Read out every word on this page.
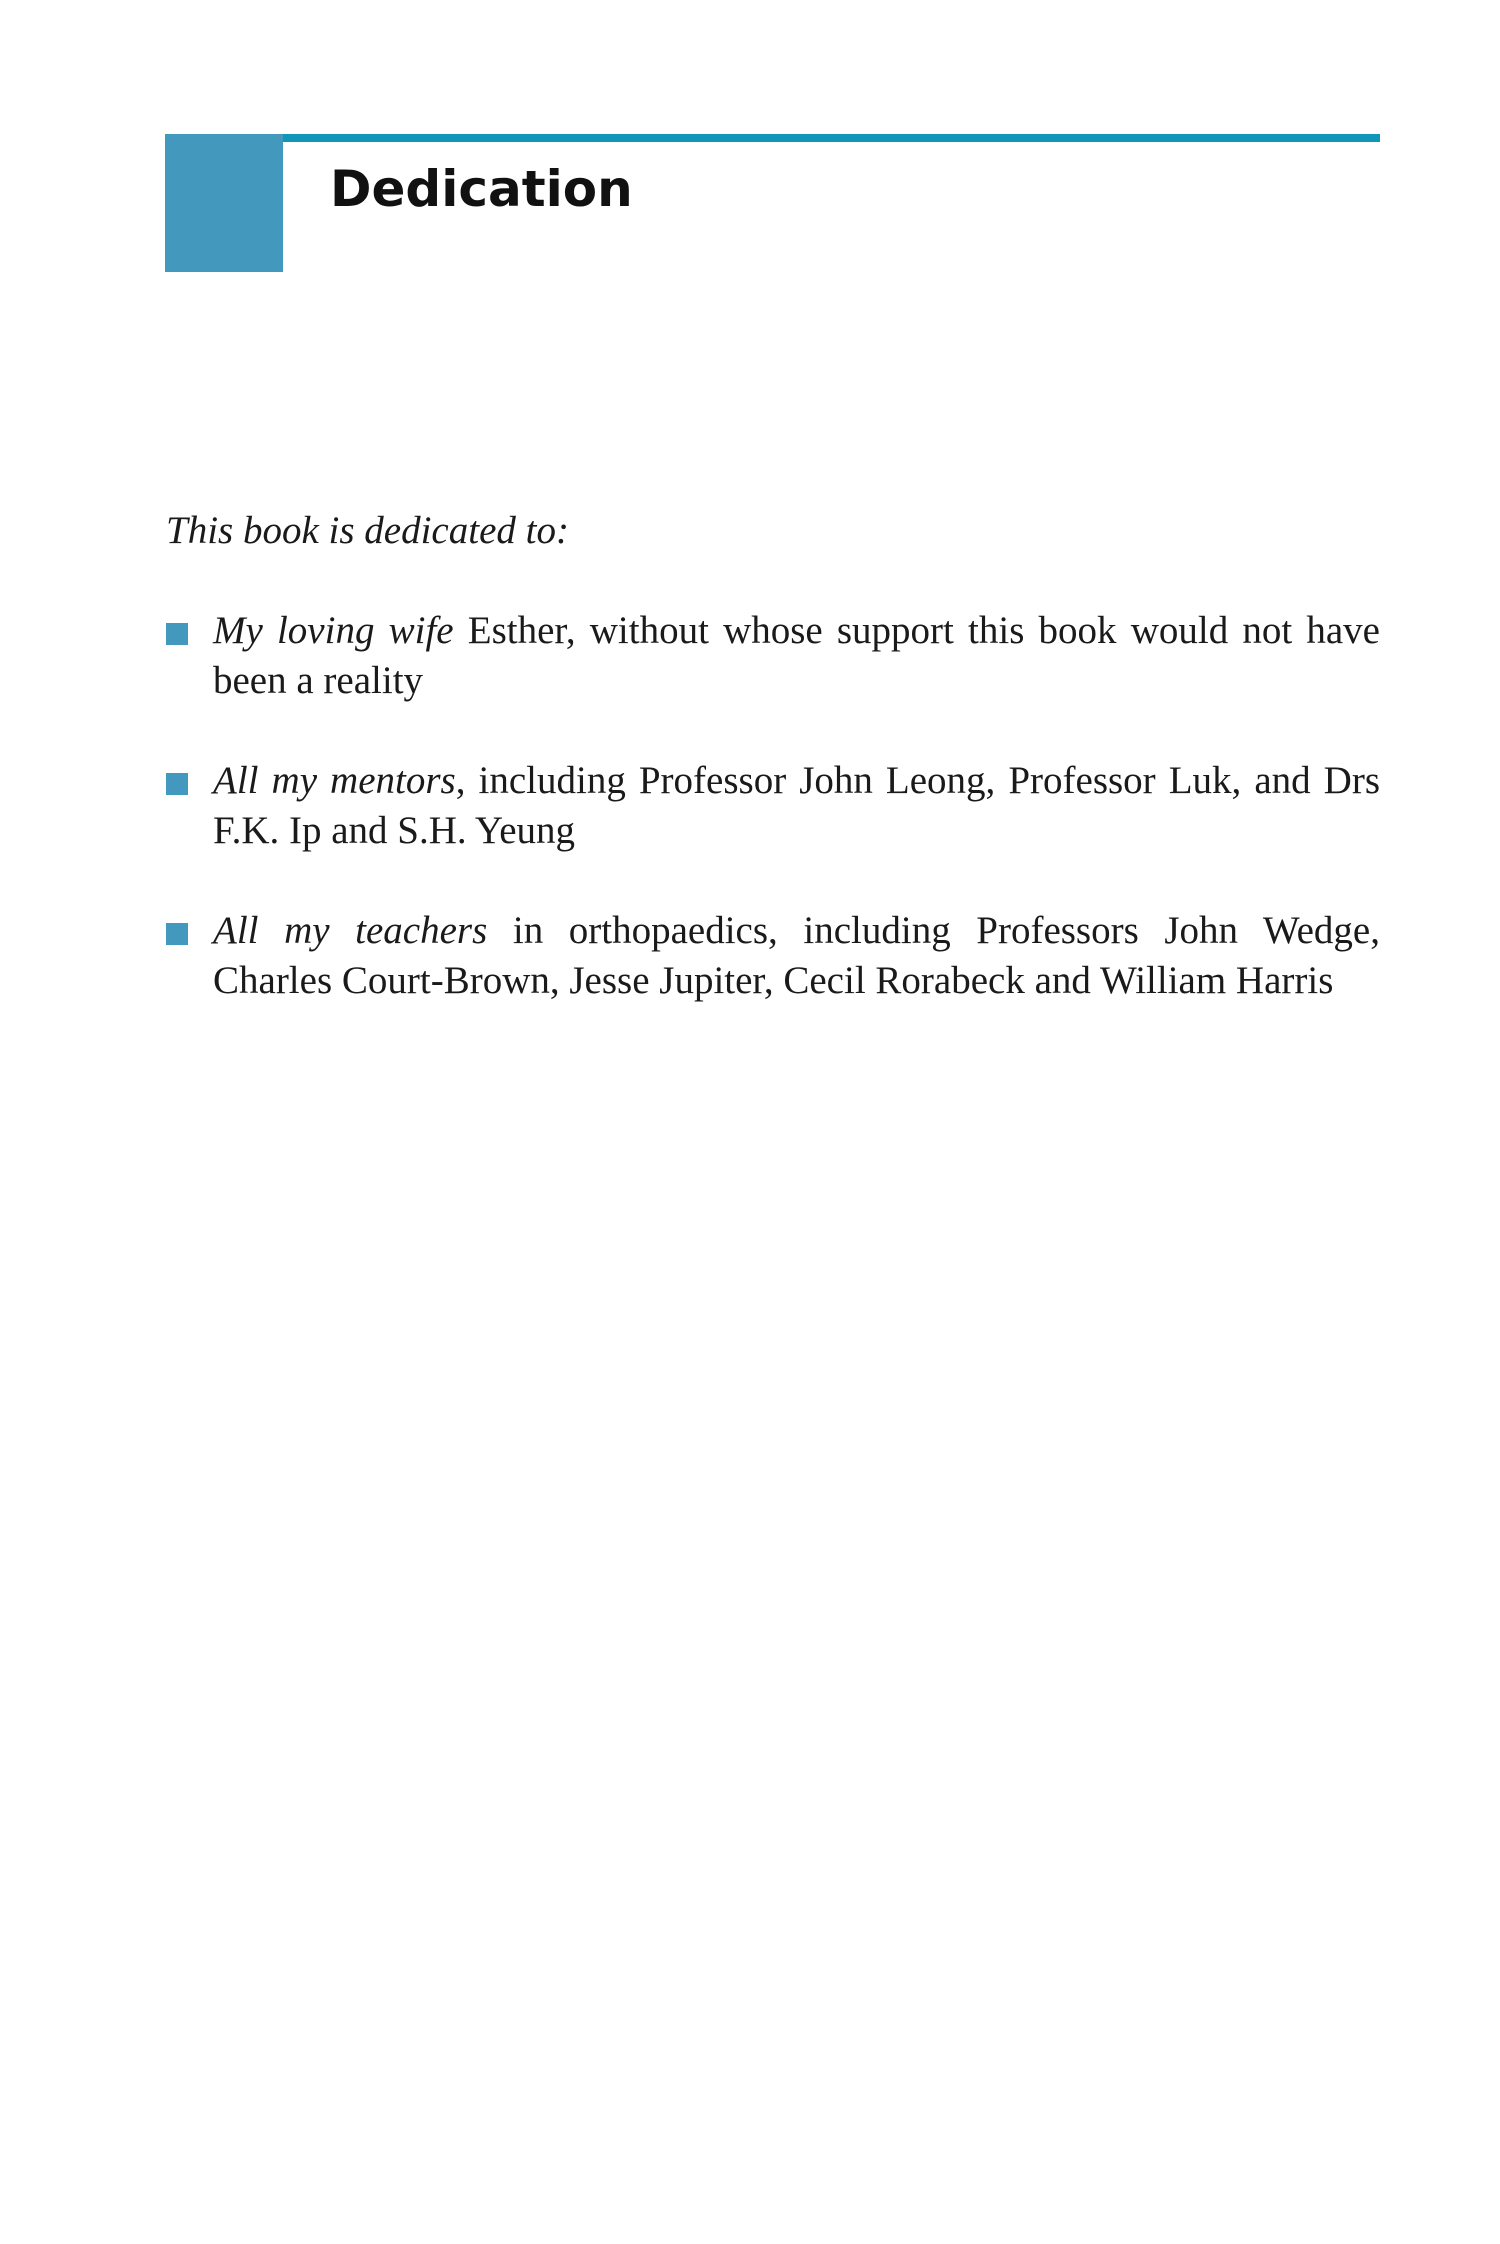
Dedication

This book is dedicated to:

My loving wife Esther, without whose support this book would not have been a reality
All my mentors, including Professor John Leong, Professor Luk, and Drs F.K. Ip and S.H. Yeung
All my teachers in orthopaedics, including Professors John Wedge, Charles Court-Brown, Jesse Jupiter, Cecil Rorabeck and William Harris
